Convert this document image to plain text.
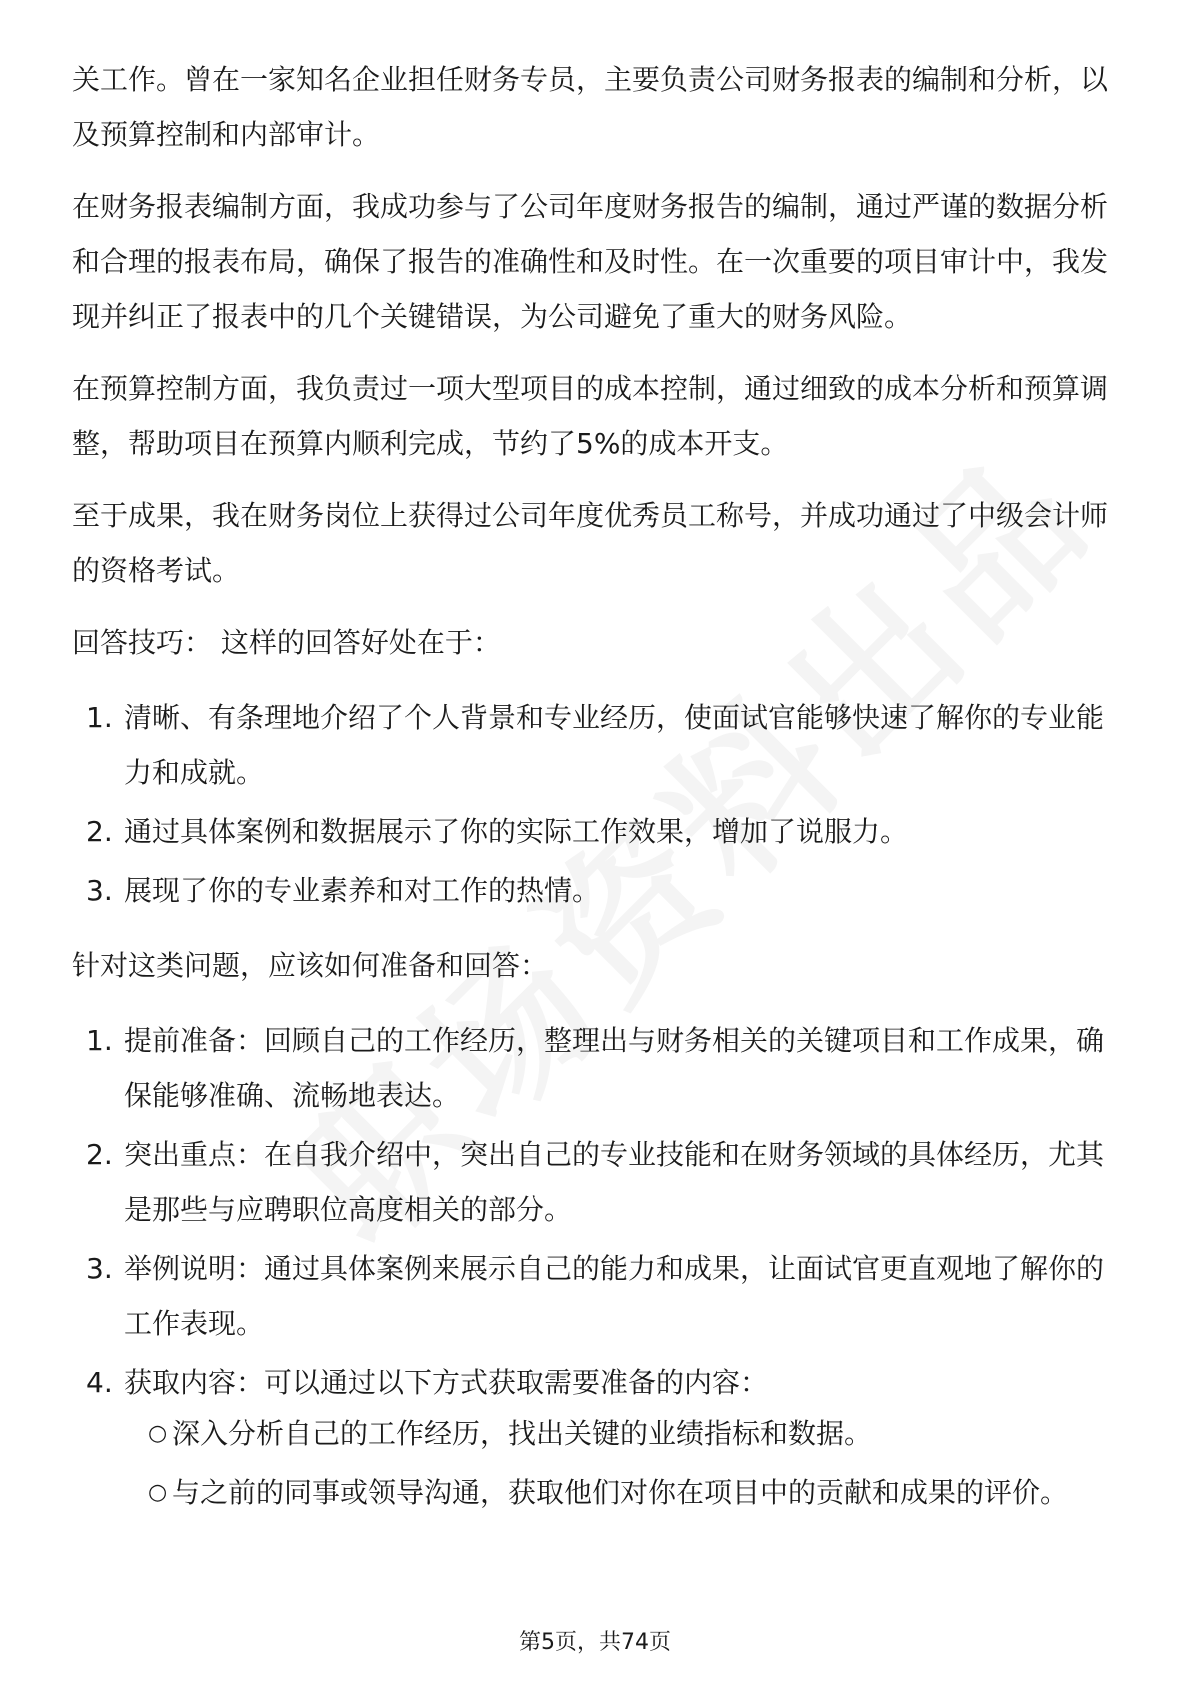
关工作。曾在一家知名企业担任财务专员，主要负责公司财务报表的编制和分析，以及预算控制和内部审计。

在财务报表编制方面，我成功参与了公司年度财务报告的编制，通过严谨的数据分析和合理的报表布局，确保了报告的准确性和及时性。在一次重要的项目审计中，我发现并纠正了报表中的几个关键错误，为公司避免了重大的财务风险。

在预算控制方面，我负责过一项大型项目的成本控制，通过细致的成本分析和预算调整，帮助项目在预算内顺利完成，节约了5%的成本开支。

至于成果，我在财务岗位上获得过公司年度优秀员工称号，并成功通过了中级会计师的资格考试。

回答技巧： 这样的回答好处在于：

1. 清晰、有条理地介绍了个人背景和专业经历，使面试官能够快速了解你的专业能力和成就。
2. 通过具体案例和数据展示了你的实际工作效果，增加了说服力。
3. 展现了你的专业素养和对工作的热情。

针对这类问题，应该如何准备和回答：

1. 提前准备：回顾自己的工作经历，整理出与财务相关的关键项目和工作成果，确保能够准确、流畅地表达。
2. 突出重点：在自我介绍中，突出自己的专业技能和在财务领域的具体经历，尤其是那些与应聘职位高度相关的部分。
3. 举例说明：通过具体案例来展示自己的能力和成果，让面试官更直观地了解你的工作表现。
4. 获取内容：可以通过以下方式获取需要准备的内容：
○ 深入分析自己的工作经历，找出关键的业绩指标和数据。
○ 与之前的同事或领导沟通，获取他们对你在项目中的贡献和成果的评价。
第5页，共74页
